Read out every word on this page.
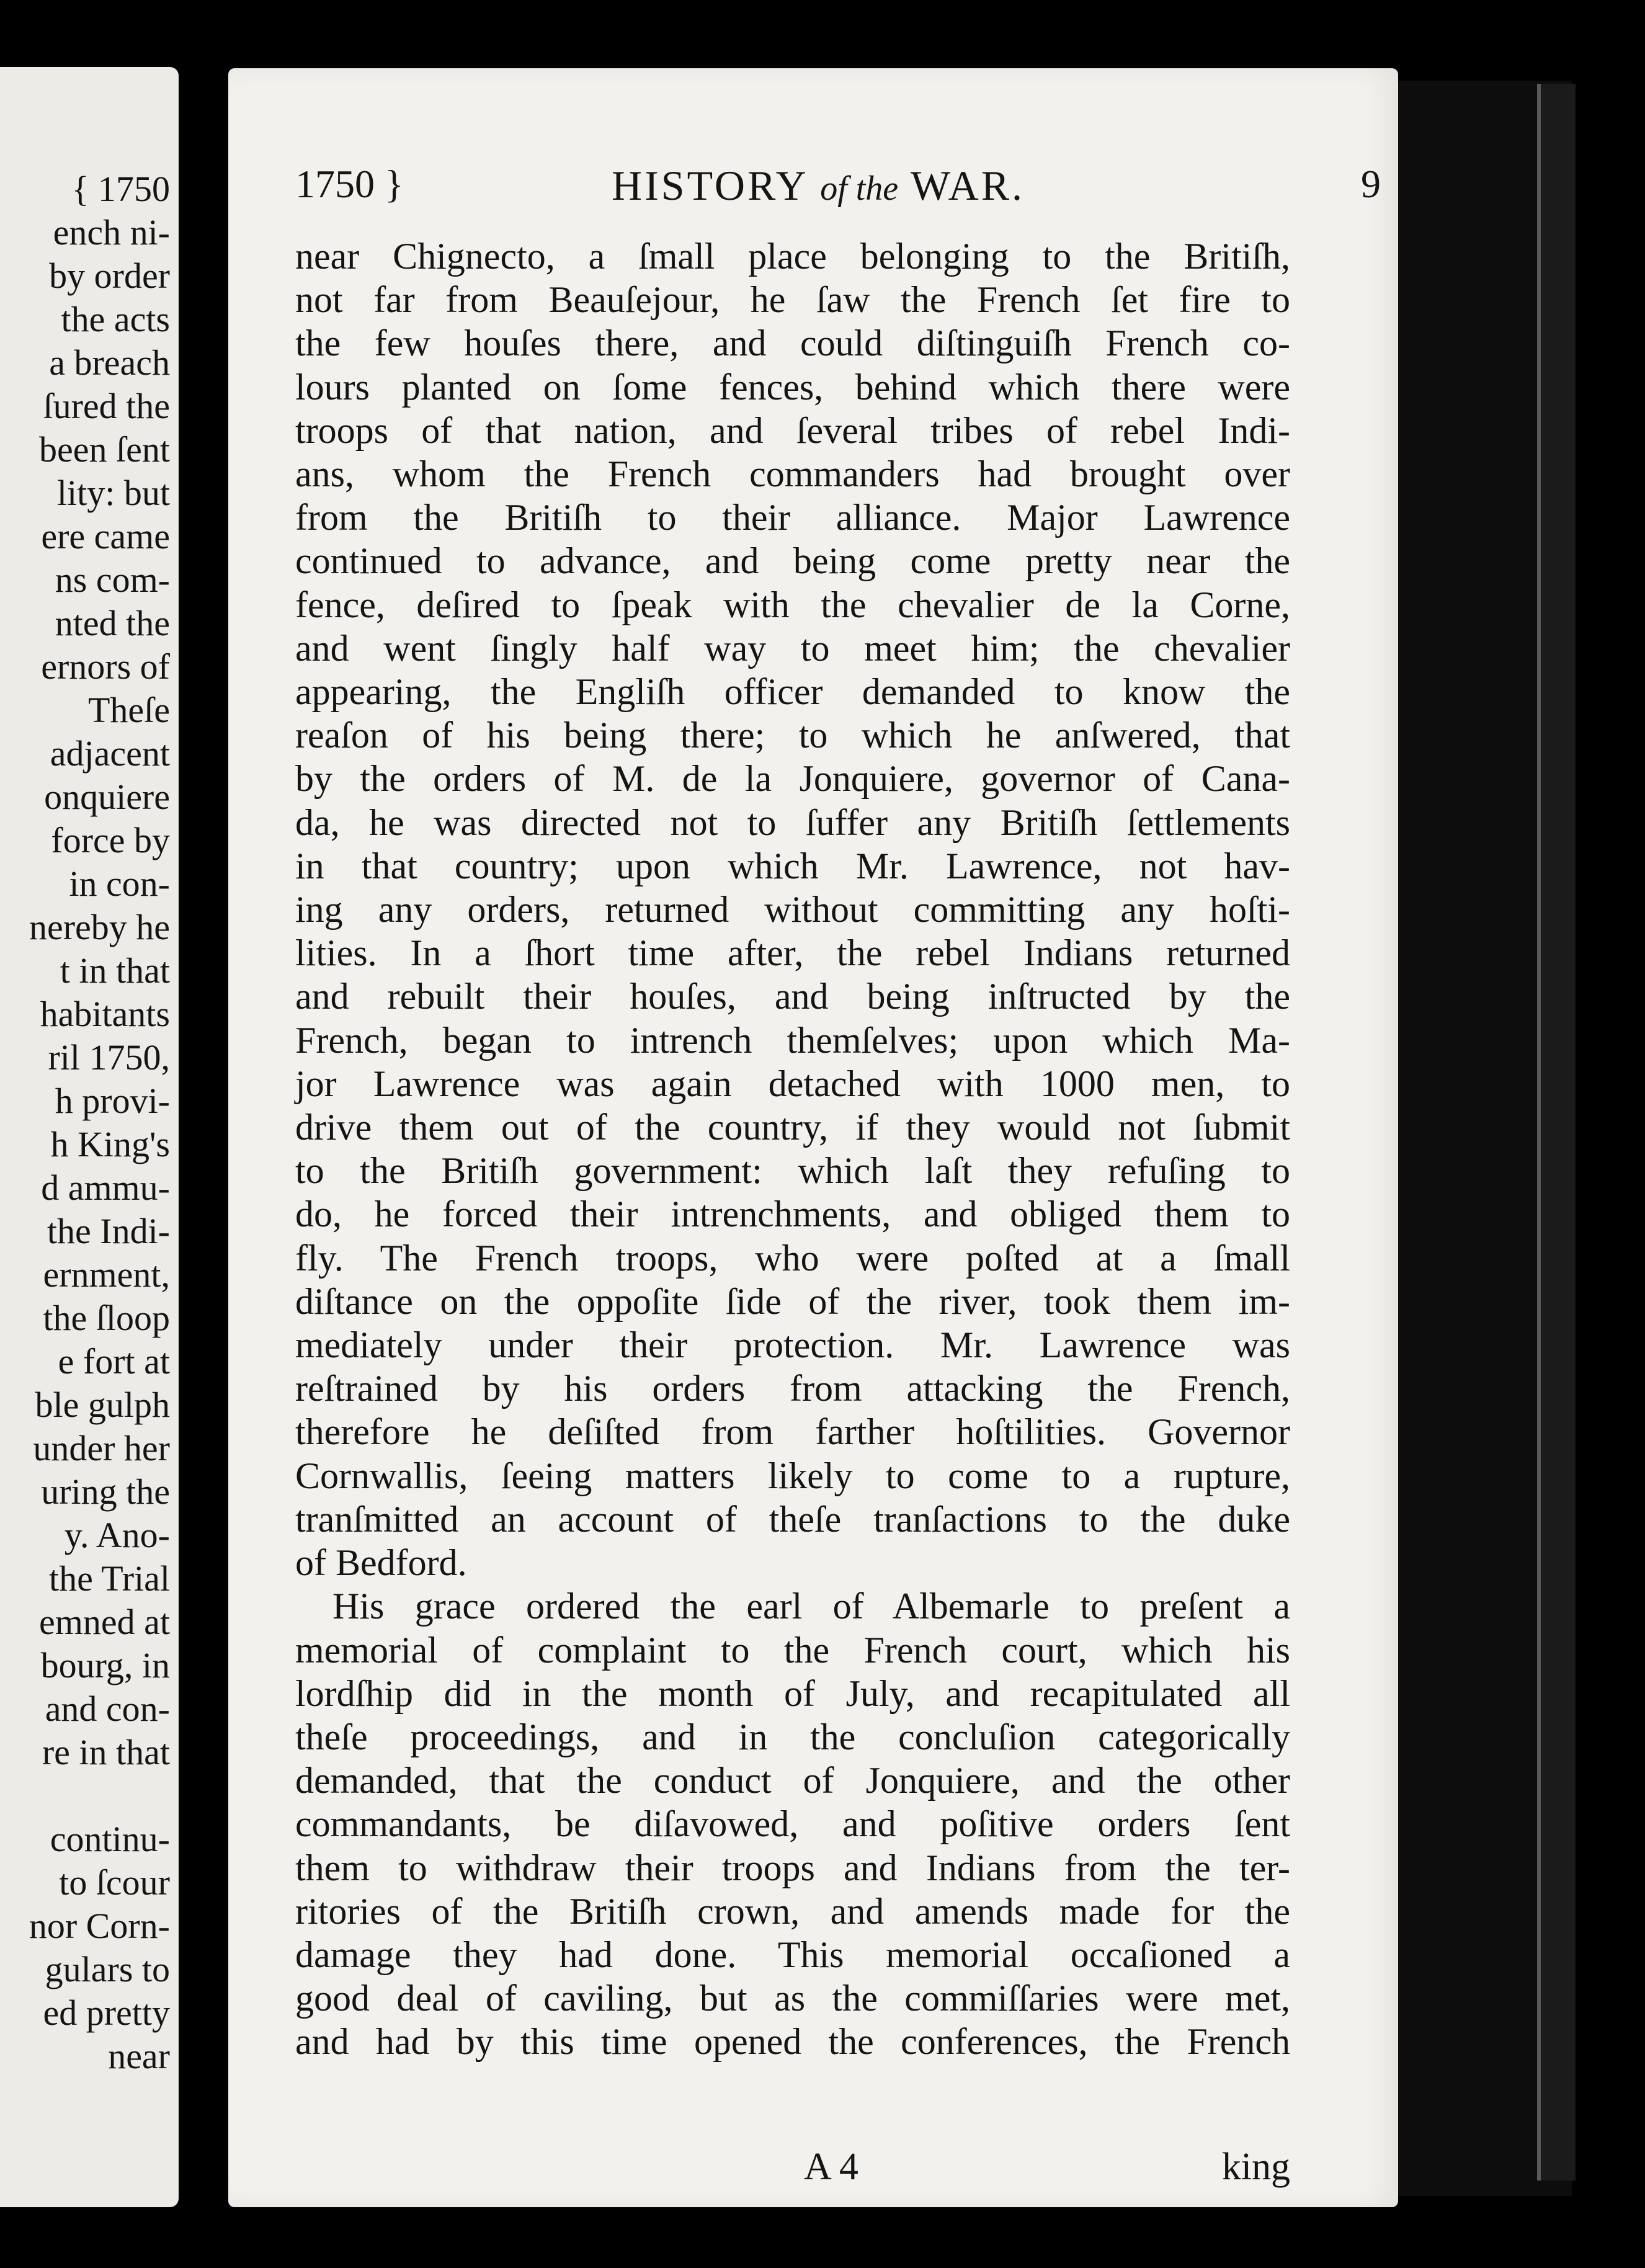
{ 1750
ench ni-
by order
the acts
a breach
ſured the
been ſent
lity: but
ere came
ns com-
nted the
ernors of
Theſe
adjacent
onquiere
force by
in con-
nereby he
t in that
habitants
ril 1750,
h provi-
h King's
d ammu-
the Indi-
ernment,
the ſloop
e fort at
ble gulph
under her
uring the
y. Ano-
the Trial
emned at
bourg, in
and con-
re in that
continu-
to ſcour
nor Corn-
gulars to
ed pretty
near
1750 }	HISTORY of the WAR.	9
near Chignecto, a ſmall place belonging to the Britiſh,
not far from Beauſejour, he ſaw the French ſet fire to
the few houſes there, and could diſtinguiſh French co-
lours planted on ſome fences, behind which there were
troops of that nation, and ſeveral tribes of rebel Indi-
ans, whom the French commanders had brought over
from the Britiſh to their alliance. Major Lawrence
continued to advance, and being come pretty near the
fence, deſired to ſpeak with the chevalier de la Corne,
and went ſingly half way to meet him; the chevalier
appearing, the Engliſh officer demanded to know the
reaſon of his being there; to which he anſwered, that
by the orders of M. de la Jonquiere, governor of Cana-
da, he was directed not to ſuffer any Britiſh ſettlements
in that country; upon which Mr. Lawrence, not hav-
ing any orders, returned without committing any hoſti-
lities. In a ſhort time after, the rebel Indians returned
and rebuilt their houſes, and being inſtructed by the
French, began to intrench themſelves; upon which Ma-
jor Lawrence was again detached with 1000 men, to
drive them out of the country, if they would not ſubmit
to the Britiſh government: which laſt they refuſing to
do, he forced their intrenchments, and obliged them to
fly. The French troops, who were poſted at a ſmall
diſtance on the oppoſite ſide of the river, took them im-
mediately under their protection. Mr. Lawrence was
reſtrained by his orders from attacking the French,
therefore he deſiſted from farther hoſtilities. Governor
Cornwallis, ſeeing matters likely to come to a rupture,
tranſmitted an account of theſe tranſactions to the duke
of Bedford.
His grace ordered the earl of Albemarle to preſent a
memorial of complaint to the French court, which his
lordſhip did in the month of July, and recapitulated all
theſe proceedings, and in the concluſion categorically
demanded, that the conduct of Jonquiere, and the other
commandants, be diſavowed, and poſitive orders ſent
them to withdraw their troops and Indians from the ter-
ritories of the Britiſh crown, and amends made for the
damage they had done. This memorial occaſioned a
good deal of caviling, but as the commiſſaries were met,
and had by this time opened the conferences, the French
A 4	king
